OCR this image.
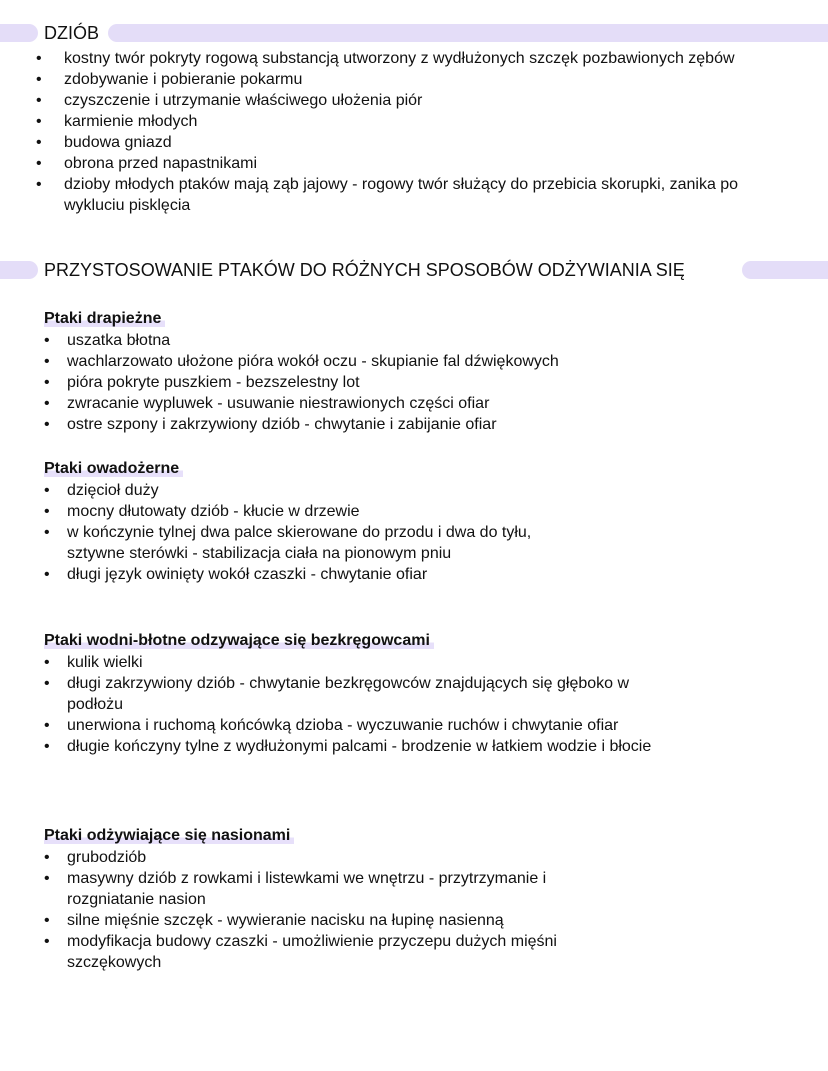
DZIÓB
• kostny twór pokryty rogową substancją utworzony z wydłużonych szczęk pozbawionych zębów
• zdobywanie i pobieranie pokarmu
• czyszczenie i utrzymanie właściwego ułożenia piór
• karmienie młodych
• budowa gniazd
• obrona przed napastnikami
• dzioby młodych ptaków mają ząb jajowy - rogowy twór służący do przebicia skorupki, zanika po wykluciu pisklęcia
PRZYSTOSOWANIE PTAKÓW DO RÓŻNYCH SPOSOBÓW ODŻYWIANIA SIĘ
Ptaki drapieżne
• uszatka błotna
• wachlarzowato ułożone pióra wokół oczu - skupianie fal dźwiękowych
• pióra pokryte puszkiem - bezszelestny lot
• zwracanie wypluwek - usuwanie niestrawionych części ofiar
• ostre szpony i zakrzywiony dziób - chwytanie i zabijanie ofiar
Ptaki owadożerne
• dzięcioł duży
• mocny dłutowaty dziób - kłucie w drzewie
• w kończynie tylnej dwa palce skierowane do przodu i dwa do tyłu, sztywne sterówki - stabilizacja ciała na pionowym pniu
• długi język owinięty wokół czaszki - chwytanie ofiar
Ptaki wodni-błotne odzywające się bezkręgowcami
• kulik wielki
• długi zakrzywiony dziób - chwytanie bezkręgowców znajdujących się głęboko w podłożu
• unerwiona i ruchomą końcówką dzioba - wyczuwanie ruchów i chwytanie ofiar
• długie kończyny tylne z wydłużonymi palcami - brodzenie w łatkiem wodzie i błocie
Ptaki odżywiające się nasionami
• grubodziób
• masywny dziób z rowkami i listewkami we wnętrzu - przytrzymanie i rozgniatanie nasion
• silne mięśnie szczęk - wywieranie nacisku na łupinę nasienną
• modyfikacja budowy czaszki - umożliwienie przyczepu dużych mięśni szczękowych
